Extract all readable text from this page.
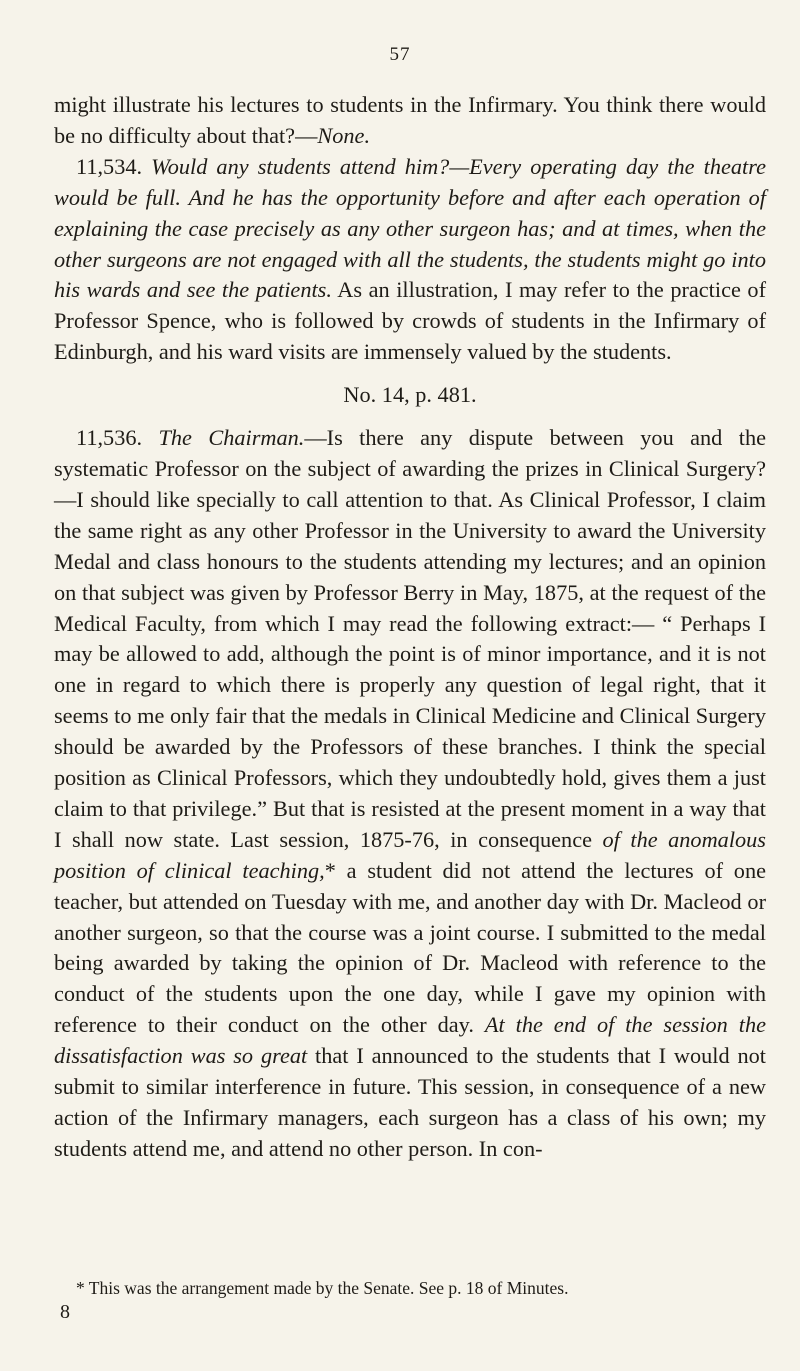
57

might illustrate his lectures to students in the Infirmary. You think there would be no difficulty about that?—None.

11,534. Would any students attend him?—Every operating day the theatre would be full. And he has the opportunity before and after each operation of explaining the case precisely as any other surgeon has; and at times, when the other surgeons are not engaged with all the students, the students might go into his wards and see the patients. As an illustration, I may refer to the practice of Professor Spence, who is followed by crowds of students in the Infirmary of Edinburgh, and his ward visits are immensely valued by the students.

No. 14, p. 481.

11,536. The Chairman.—Is there any dispute between you and the systematic Professor on the subject of awarding the prizes in Clinical Surgery?—I should like specially to call attention to that. As Clinical Professor, I claim the same right as any other Professor in the University to award the University Medal and class honours to the students attending my lectures; and an opinion on that subject was given by Professor Berry in May, 1875, at the request of the Medical Faculty, from which I may read the following extract:— “ Perhaps I may be allowed to add, although the point is of minor importance, and it is not one in regard to which there is properly any question of legal right, that it seems to me only fair that the medals in Clinical Medicine and Clinical Surgery should be awarded by the Professors of these branches. I think the special position as Clinical Professors, which they undoubtedly hold, gives them a just claim to that privilege.” But that is resisted at the present moment in a way that I shall now state. Last session, 1875-76, in consequence of the anomalous position of clinical teaching,* a student did not attend the lectures of one teacher, but attended on Tuesday with me, and another day with Dr. Macleod or another surgeon, so that the course was a joint course. I submitted to the medal being awarded by taking the opinion of Dr. Macleod with reference to the conduct of the students upon the one day, while I gave my opinion with reference to their conduct on the other day. At the end of the session the dissatisfaction was so great that I announced to the students that I would not submit to similar interference in future. This session, in consequence of a new action of the Infirmary managers, each surgeon has a class of his own; my students attend me, and attend no other person. In con-

* This was the arrangement made by the Senate. See p. 18 of Minutes.
8
